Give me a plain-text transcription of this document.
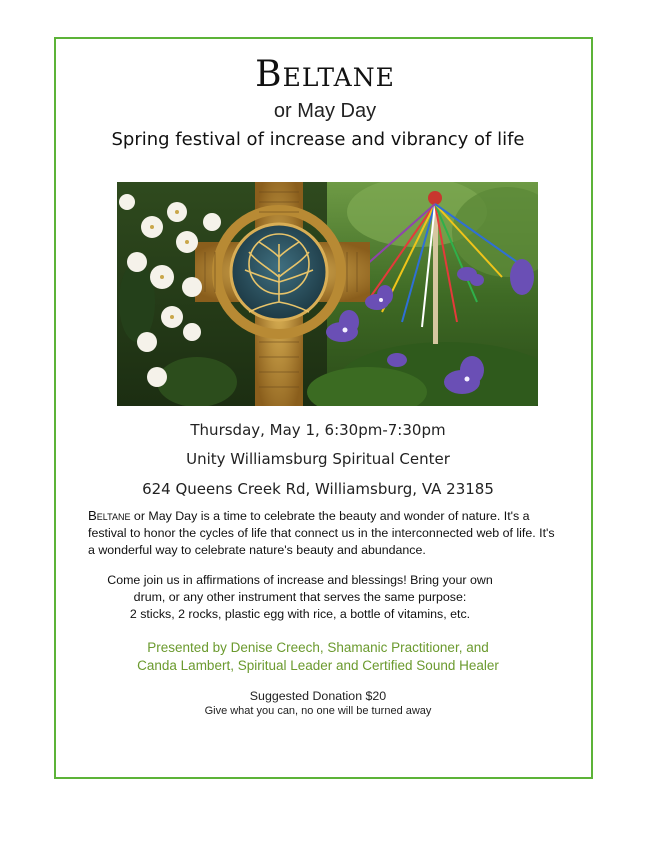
Beltane
or May Day
Spring festival of increase and vibrancy of life
Thursday, May 1, 6:30pm-7:30pm
Unity Williamsburg Spiritual Center
624 Queens Creek Rd, Williamsburg, VA 23185
Beltane or May Day is a time to celebrate the beauty and wonder of nature. It's a festival to honor the cycles of life that connect us in the interconnected web of life. It's a wonderful way to celebrate nature's beauty and abundance.
Come join us in affirmations of increase and blessings! Bring your own
drum, or any other instrument that serves the same purpose:
2 sticks, 2 rocks, plastic egg with rice, a bottle of vitamins, etc.
Presented by Denise Creech, Shamanic Practitioner, and
Canda Lambert, Spiritual Leader and Certified Sound Healer
Suggested Donation $20
Give what you can, no one will be turned away
